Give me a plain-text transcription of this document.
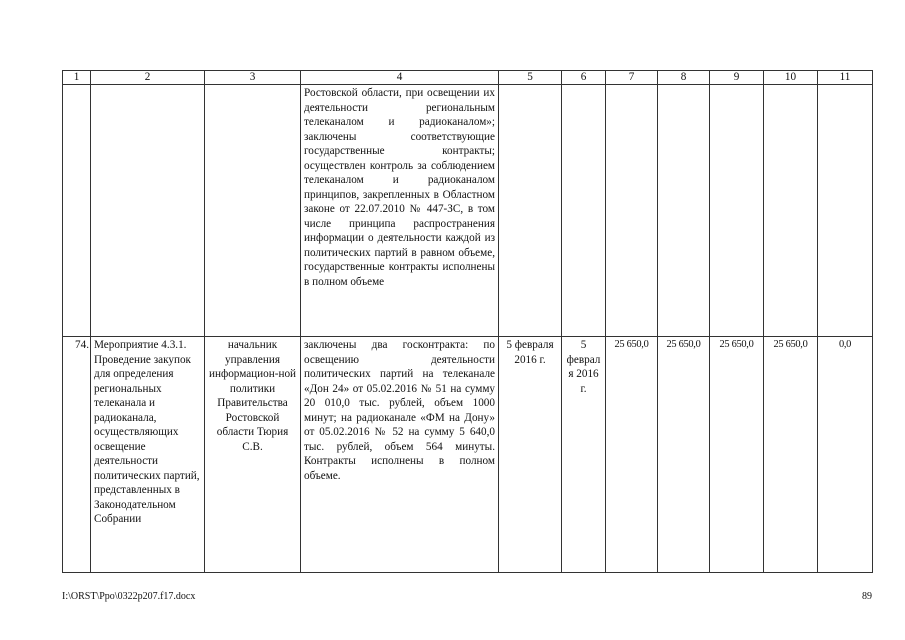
1	2	3	4	5	6	7	8	9	10	11
			Ростовской области, при освещении их деятельности региональным телеканалом и радиоканалом»; заключены соответствующие государственные контракты; осуществлен контроль за соблюдением телеканалом и радиоканалом принципов, закрепленных в Областном законе от 22.07.2010 № 447-ЗС, в том числе принципа распространения информации о деятельности каждой из политических партий в равном объеме, государственные контракты исполнены в полном объеме							
74.	Мероприятие 4.3.1. Проведение закупок для определения региональных телеканала и радиоканала, осуществляющих освещение деятельности политических партий, представленных в Законодательном Собрании	начальник управления информацион-ной политики Правительства Ростовской области Тюрия С.В.	заключены два госконтракта: по освещению деятельности политических партий на телеканале «Дон 24» от 05.02.2016 № 51 на сумму 20 010,0 тыс. рублей, объем 1000 минут; на радиоканале «ФМ на Дону» от 05.02.2016 № 52 на сумму 5 640,0 тыс. рублей, объем 564 минуты. Контракты исполнены в полном объеме.	5 февраля 2016 г.	5 февраля 2016 г.	25 650,0	25 650,0	25 650,0	25 650,0	0,0
I:\ORST\Ppo\0322p207.f17.docx	89
